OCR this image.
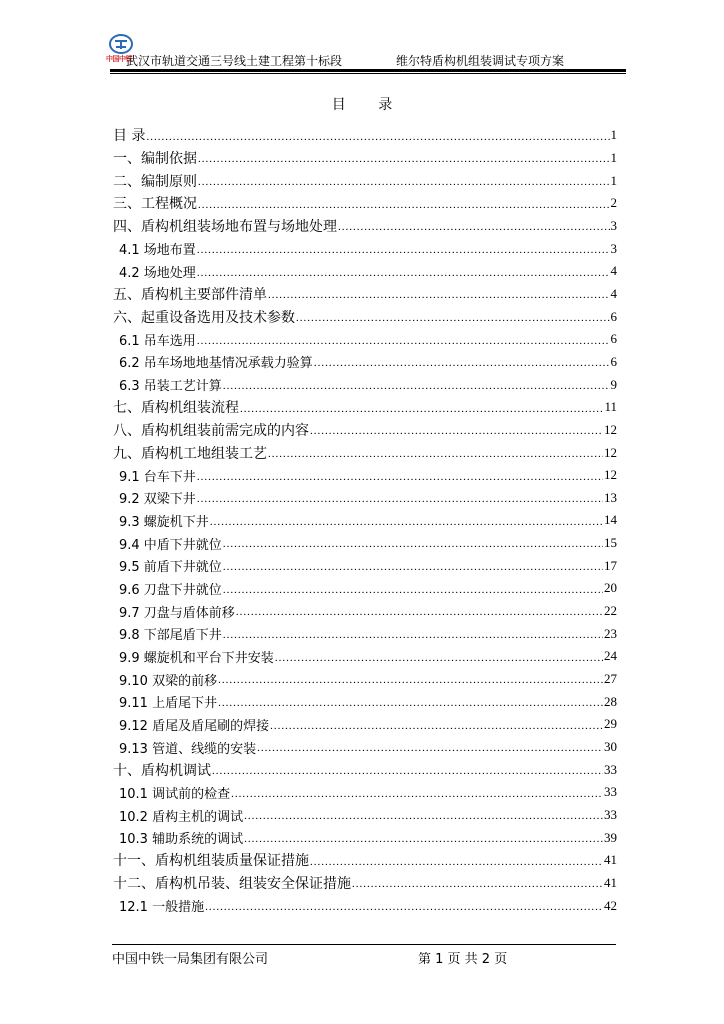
中国中铁
武汉市轨道交通三号线土建工程第十标段	维尔特盾构机组装调试专项方案
目 录
目 录 .....	1
一、编制依据 .....	1
二、编制原则 .....	1
三、工程概况 .....	2
四、盾构机组装场地布置与场地处理 .....	3
4.1 场地布置 .....	3
4.2 场地处理 .....	4
五、盾构机主要部件清单 .....	4
六、起重设备选用及技术参数 .....	6
6.1 吊车选用 .....	6
6.2 吊车场地地基情况承载力验算 .....	6
6.3 吊装工艺计算 .....	9
七、盾构机组装流程 .....	11
八、盾构机组装前需完成的内容 .....	12
九、盾构机工地组装工艺 .....	12
9.1 台车下井 .....	12
9.2 双梁下井 .....	13
9.3 螺旋机下井 .....	14
9.4 中盾下井就位 .....	15
9.5 前盾下井就位 .....	17
9.6 刀盘下井就位 .....	20
9.7 刀盘与盾体前移 .....	22
9.8 下部尾盾下井 .....	23
9.9 螺旋机和平台下井安装 .....	24
9.10 双梁的前移 .....	27
9.11 上盾尾下井 .....	28
9.12 盾尾及盾尾刷的焊接 .....	29
9.13 管道、线缆的安装 .....	30
十、盾构机调试 .....	33
10.1 调试前的检查 .....	33
10.2 盾构主机的调试 .....	33
10.3 辅助系统的调试 .....	39
十一、盾构机组装质量保证措施 .....	41
十二、盾构机吊装、组装安全保证措施 .....	41
12.1 一般措施 .....	42
中国中铁一局集团有限公司	第 1 页 共 2 页
